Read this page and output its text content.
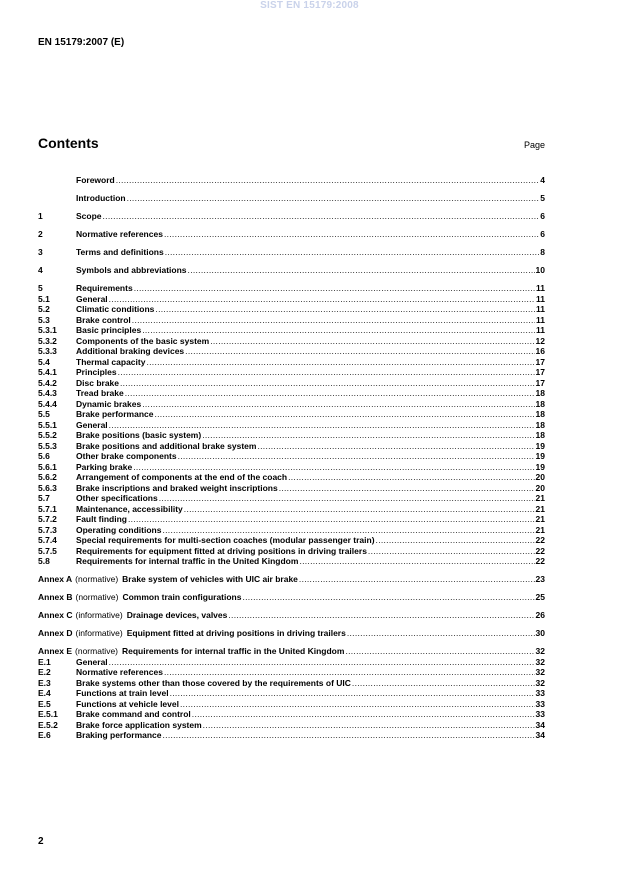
SIST EN 15179:2008
EN 15179:2007 (E)
Contents	Page
Foreword .....	4
Introduction .....	5
1	Scope .....	6
2	Normative references .....	6
3	Terms and definitions .....	8
4	Symbols and abbreviations .....	10
5	Requirements .....	11
5.1	General .....	11
5.2	Climatic conditions .....	11
5.3	Brake control .....	11
5.3.1	Basic principles .....	11
5.3.2	Components of the basic system .....	12
5.3.3	Additional braking devices .....	16
5.4	Thermal capacity .....	17
5.4.1	Principles .....	17
5.4.2	Disc brake .....	17
5.4.3	Tread brake .....	18
5.4.4	Dynamic brakes .....	18
5.5	Brake performance .....	18
5.5.1	General .....	18
5.5.2	Brake positions (basic system) .....	18
5.5.3	Brake positions and additional brake system .....	19
5.6	Other brake components .....	19
5.6.1	Parking brake .....	19
5.6.2	Arrangement of components at the end of the coach .....	20
5.6.3	Brake inscriptions and braked weight inscriptions .....	20
5.7	Other specifications .....	21
5.7.1	Maintenance, accessibility .....	21
5.7.2	Fault finding .....	21
5.7.3	Operating conditions .....	21
5.7.4	Special requirements for multi-section coaches (modular passenger train) .....	22
5.7.5	Requirements for equipment fitted at driving positions in driving trailers .....	22
5.8	Requirements for internal traffic in the United Kingdom .....	22
Annex A (normative) Brake system of vehicles with UIC air brake .....	23
Annex B (normative) Common train configurations .....	25
Annex C (informative) Drainage devices, valves .....	26
Annex D (informative) Equipment fitted at driving positions in driving trailers .....	30
Annex E (normative) Requirements for internal traffic in the United Kingdom .....	32
E.1	General .....	32
E.2	Normative references .....	32
E.3	Brake systems other than those covered by the requirements of UIC .....	32
E.4	Functions at train level .....	33
E.5	Functions at vehicle level .....	33
E.5.1	Brake command and control .....	33
E.5.2	Brake force application system .....	34
E.6	Braking performance .....	34
2
